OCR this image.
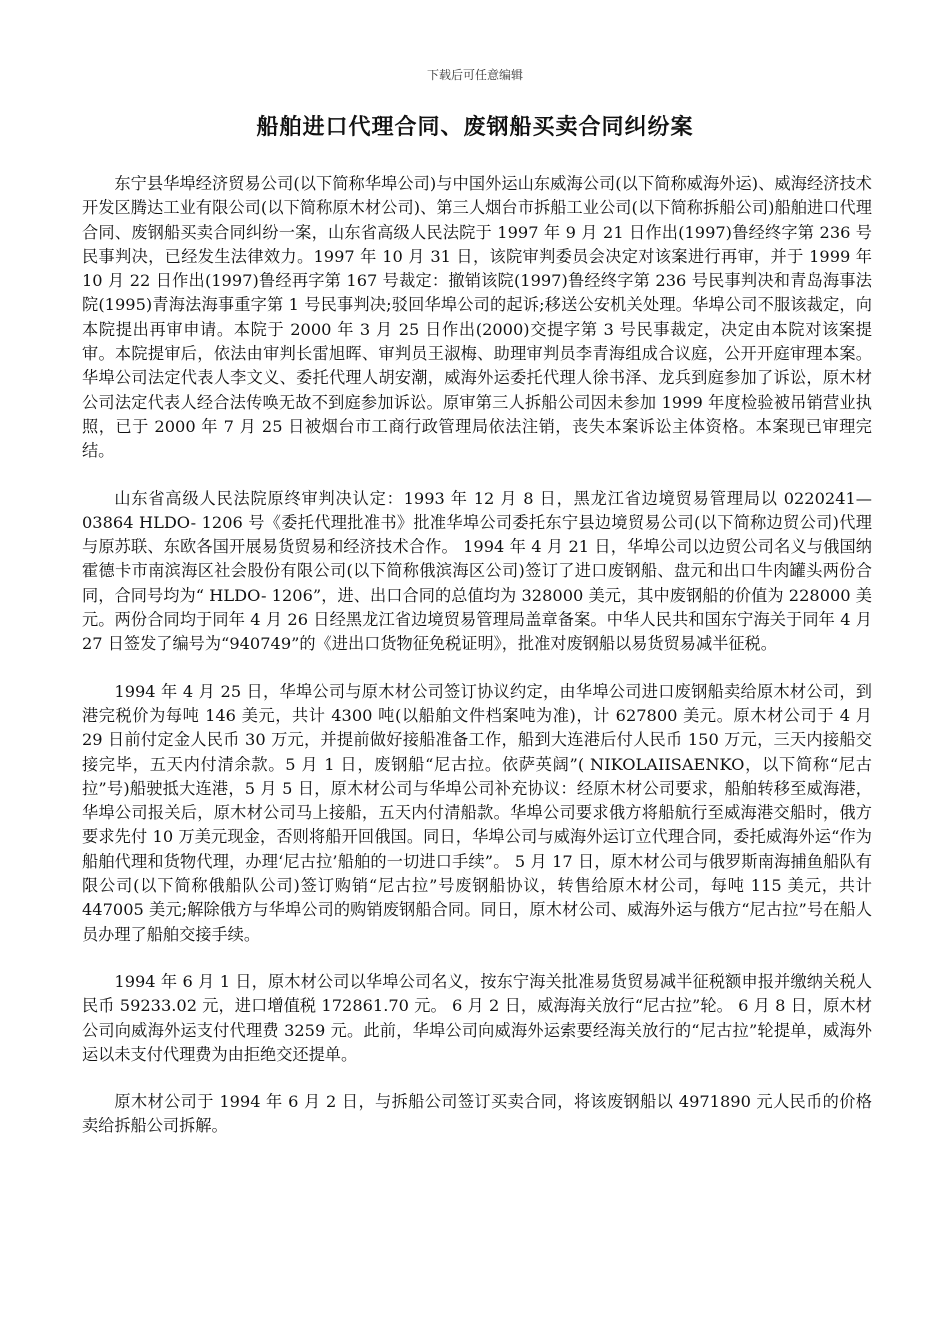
下载后可任意编辑
船舶进口代理合同、废钢船买卖合同纠纷案

东宁县华埠经济贸易公司(以下简称华埠公司)与中国外运山东威海公司(以下简称威海外运)、威海经济技术开发区腾达工业有限公司(以下简称原木材公司)、第三人烟台市拆船工业公司(以下简称拆船公司)船舶进口代理合同、废钢船买卖合同纠纷一案，山东省高级人民法院于 1997 年 9 月 21 日作出(1997)鲁经终字第 236 号民事判决，已经发生法律效力。1997 年 10 月 31 日，该院审判委员会决定对该案进行再审，并于 1999 年 10 月 22 日作出(1997)鲁经再字第 167 号裁定：撤销该院(1997)鲁经终字第 236 号民事判决和青岛海事法院(1995)青海法海事重字第 1 号民事判决;驳回华埠公司的起诉;移送公安机关处理。华埠公司不服该裁定，向本院提出再审申请。本院于 2000 年 3 月 25 日作出(2000)交提字第 3 号民事裁定，决定由本院对该案提审。本院提审后，依法由审判长雷旭晖、审判员王淑梅、助理审判员李青海组成合议庭，公开开庭审理本案。华埠公司法定代表人李文义、委托代理人胡安潮，威海外运委托代理人徐书泽、龙兵到庭参加了诉讼，原木材公司法定代表人经合法传唤无故不到庭参加诉讼。原审第三人拆船公司因未参加 1999 年度检验被吊销营业执照，已于 2000 年 7 月 25 日被烟台市工商行政管理局依法注销，丧失本案诉讼主体资格。本案现已审理完结。

山东省高级人民法院原终审判决认定：1993 年 12 月 8 日，黑龙江省边境贸易管理局以 0220241— 03864 HLDO- 1206 号《委托代理批准书》批准华埠公司委托东宁县边境贸易公司(以下简称边贸公司)代理与原苏联、东欧各国开展易货贸易和经济技术合作。 1994 年 4 月 21 日，华埠公司以边贸公司名义与俄国纳霍德卡市南滨海区社会股份有限公司(以下简称俄滨海区公司)签订了进口废钢船、盘元和出口牛肉罐头两份合同，合同号均为“ HLDO- 1206”，进、出口合同的总值均为 328000 美元，其中废钢船的价值为 228000 美元。两份合同均于同年 4 月 26 日经黑龙江省边境贸易管理局盖章备案。中华人民共和国东宁海关于同年 4 月 27 日签发了编号为“940749”的《进出口货物征免税证明》，批准对废钢船以易货贸易减半征税。

1994 年 4 月 25 日，华埠公司与原木材公司签订协议约定，由华埠公司进口废钢船卖给原木材公司，到港完税价为每吨 146 美元，共计 4300 吨(以船舶文件档案吨为准)，计 627800 美元。原木材公司于 4 月 29 日前付定金人民币 30 万元，并提前做好接船准备工作，船到大连港后付人民币 150 万元，三天内接船交接完毕，五天内付清余款。5 月 1 日，废钢船“尼古拉。依萨英阔”( NIKOLAIISAENKO，以下简称“尼古拉”号)船驶抵大连港，5 月 5 日，原木材公司与华埠公司补充协议：经原木材公司要求，船舶转移至威海港，华埠公司报关后，原木材公司马上接船，五天内付清船款。华埠公司要求俄方将船航行至威海港交船时，俄方要求先付 10 万美元现金，否则将船开回俄国。同日，华埠公司与威海外运订立代理合同，委托威海外运“作为船舶代理和货物代理，办理‘尼古拉’船舶的一切进口手续”。 5 月 17 日，原木材公司与俄罗斯南海捕鱼船队有限公司(以下简称俄船队公司)签订购销“尼古拉”号废钢船协议，转售给原木材公司，每吨 115 美元，共计 447005 美元;解除俄方与华埠公司的购销废钢船合同。同日，原木材公司、威海外运与俄方“尼古拉”号在船人员办理了船舶交接手续。

1994 年 6 月 1 日，原木材公司以华埠公司名义，按东宁海关批准易货贸易减半征税额申报并缴纳关税人民币 59233.02 元，进口增值税 172861.70 元。 6 月 2 日，威海海关放行“尼古拉”轮。 6 月 8 日，原木材公司向威海外运支付代理费 3259 元。此前，华埠公司向威海外运索要经海关放行的“尼古拉”轮提单，威海外运以未支付代理费为由拒绝交还提单。

原木材公司于 1994 年 6 月 2 日，与拆船公司签订买卖合同，将该废钢船以 4971890 元人民币的价格卖给拆船公司拆解。
